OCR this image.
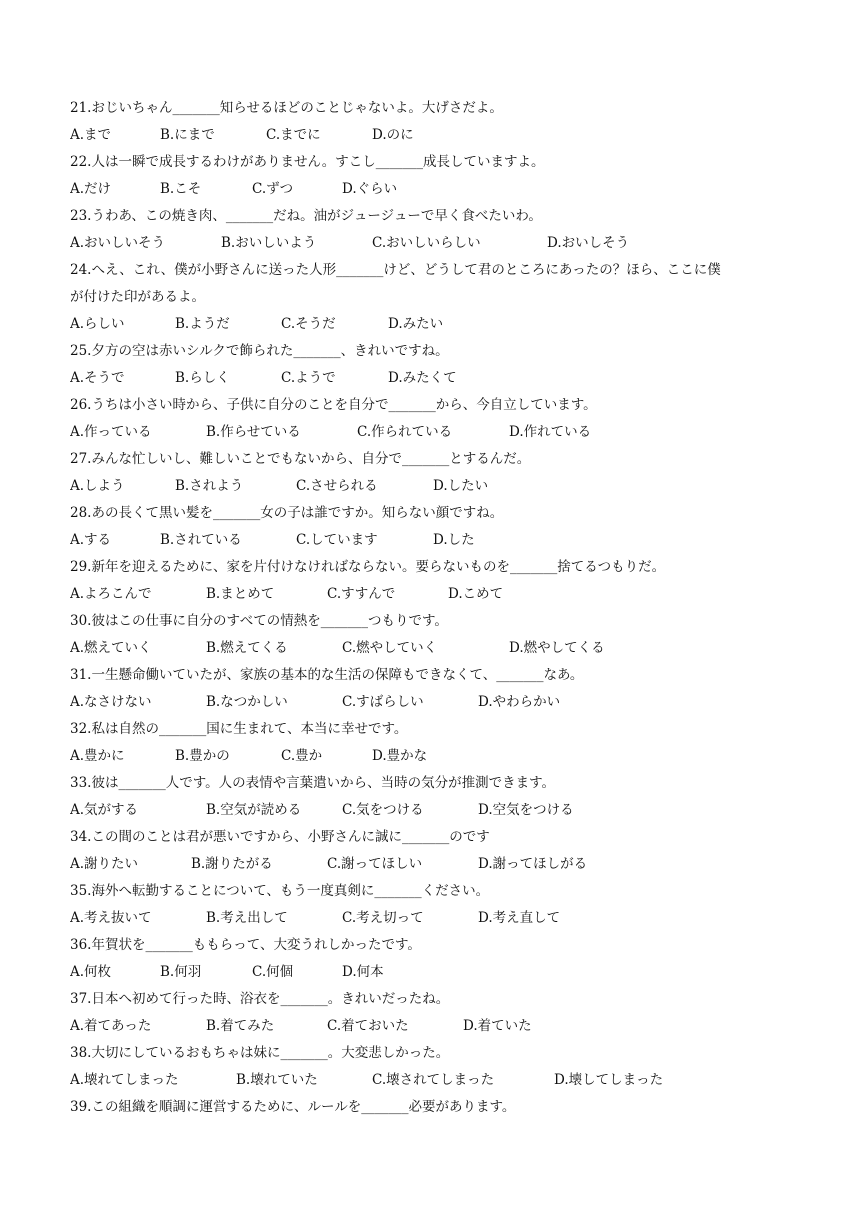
21.おじいちゃん_______知らせるほどのことじゃないよ。大げさだよ。
A.まで	B.にまで	C.までに	D.のに
22.人は一瞬で成長するわけがありません。すこし_______成長していますよ。
A.だけ	B.こそ	C.ずつ	D.ぐらい
23.うわあ、この焼き肉、_______だね。油がジュージューで早く食べたいわ。
A.おいしいそう	B.おいしいよう	C.おいしいらしい	D.おいしそう
24.へえ、これ、僕が小野さんに送った人形_______けど、どうして君のところにあったの？ほら、ここに僕
が付けた印があるよ。
A.らしい	B.ようだ	C.そうだ	D.みたい
25.夕方の空は赤いシルクで飾られた_______、きれいですね。
A.そうで	B.らしく	C.ようで	D.みたくて
26.うちは小さい時から、子供に自分のことを自分で_______から、今自立しています。
A.作っている	B.作らせている	C.作られている	D.作れている
27.みんな忙しいし、難しいことでもないから、自分で_______とするんだ。
A.しよう	B.されよう	C.させられる	D.したい
28.あの長くて黒い髪を_______女の子は誰ですか。知らない顔ですね。
A.する	B.されている	C.しています	D.した
29.新年を迎えるために、家を片付けなければならない。要らないものを_______捨てるつもりだ。
A.よろこんで	B.まとめて	C.すすんで	D.こめて
30.彼はこの仕事に自分のすべての情熱を_______つもりです。
A.燃えていく	B.燃えてくる	C.燃やしていく	D.燃やしてくる
31.一生懸命働いていたが、家族の基本的な生活の保障もできなくて、_______なあ。
A.なさけない	B.なつかしい	C.すばらしい	D.やわらかい
32.私は自然の_______国に生まれて、本当に幸せです。
A.豊かに	B.豊かの	C.豊か	D.豊かな
33.彼は_______人です。人の表情や言葉遣いから、当時の気分が推測できます。
A.気がする	B.空気が読める	C.気をつける	D.空気をつける
34.この間のことは君が悪いですから、小野さんに誠に_______のです
A.謝りたい	B.謝りたがる	C.謝ってほしい	D.謝ってほしがる
35.海外へ転勤することについて、もう一度真剣に_______ください。
A.考え抜いて	B.考え出して	C.考え切って	D.考え直して
36.年賀状を_______ももらって、大変うれしかったです。
A.何枚	B.何羽	C.何個	D.何本
37.日本へ初めて行った時、浴衣を_______。きれいだったね。
A.着てあった	B.着てみた	C.着ておいた	D.着ていた
38.大切にしているおもちゃは妹に_______。大変悲しかった。
A.壊れてしまった	B.壊れていた	C.壊されてしまった	D.壊してしまった
39.この組織を順調に運営するために、ルールを_______必要があります。
